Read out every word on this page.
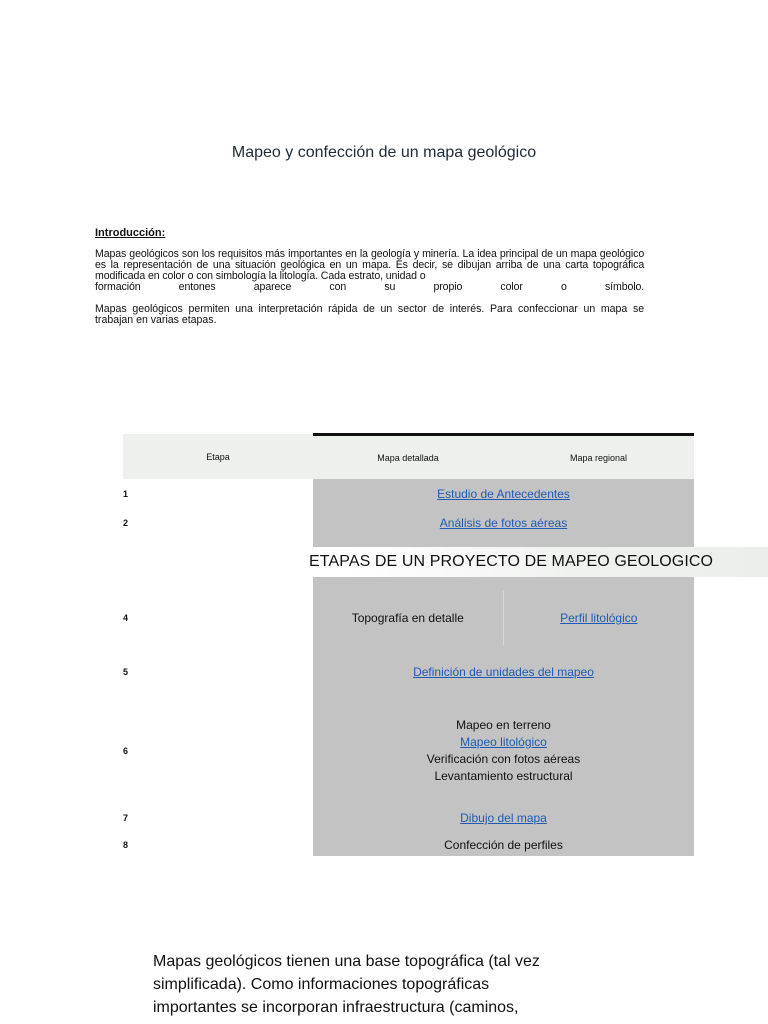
Mapeo y confección de un mapa geológico
Introducción:
Mapas geológicos son los requisitos más importantes en la geología y minería. La idea principal de un mapa geológico es la representación de una situación geológica en un mapa. Es decir, se dibujan arriba de una carta topográfica modificada en color o con simbología la litología. Cada estrato, unidad o
formación entones aparece con su propio color o símbolo.
Mapas geológicos permiten una interpretación rápida de un sector de interés. Para confeccionar un mapa se trabajan en varias etapas.
Etapa	Mapa detallada	Mapa regional
1	Estudio de Antecedentes	
2	Análisis de fotos aéreas	

4	Topografía en detalle	Perfil litológico
5	Definición de unidades del mapeo	
6	Mapeo en terreno
Mapeo litológico
Verificación con fotos aéreas
Levantamiento estructural	

7	Dibujo del mapa	
8	Confección de perfiles	
ETAPAS DE UN PROYECTO DE MAPEO GEOLOGICO
Mapas geológicos tienen una base topográfica (tal vez simplificada). Como informaciones topográficas importantes se incorporan infraestructura (caminos,
